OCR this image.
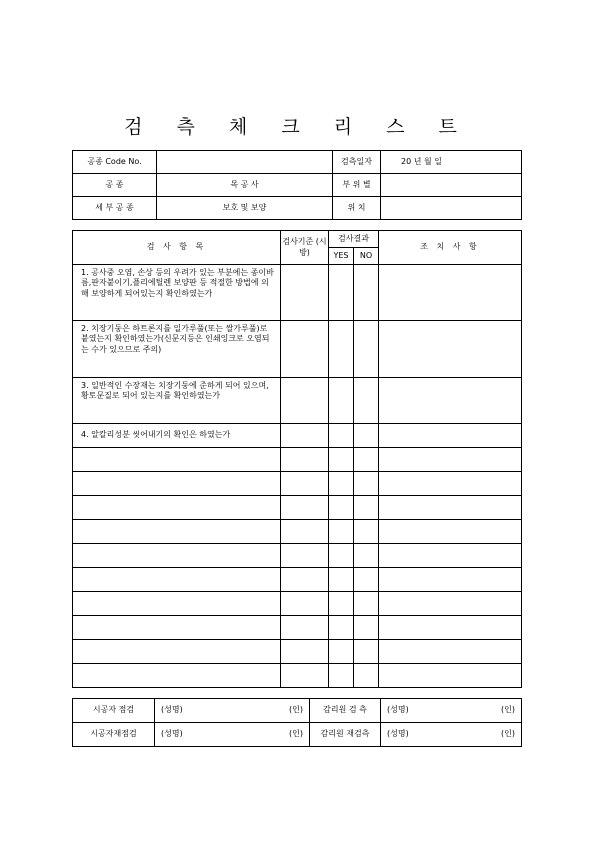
검 측 체 크 리 스 트
공종 Code No.		검측일자	20 년 월 일
공 종	목 공 사	부 위 별	
세 부 공 종	보호 및 보양	위 치	
검 사 항 목	검사기준 (시방)	검사결과		조 치 사 항
		YES	NO	
1. 공사중 오염, 손상 등의 우려가 있는 부분에는 종이바름,판자붙이기,플리에틸렌 보양판 등 적절한 방법에 의해 보양하게 되어있는지 확인하였는가				
2. 치장기둥은 하트론지를 일가루풀(또는 쌀가루풀)로 붙였는지 확인하였는가(신문지등은 인쇄잉크로 오염되는 수가 있으므로 주의)				
3. 일반적인 수장재는 치장기둥에 준하게 되어 있으며, 황토문질로 되어 있는지를 확인하였는가				
4. 알칼리성분 씻어내기의 확인은 하였는가				

시공자 점검	(성명) (인)	감리원 검 측	(성명) (인)

시공자재점검	(성명) (인)	감리원 재검측	(성명) (인)
